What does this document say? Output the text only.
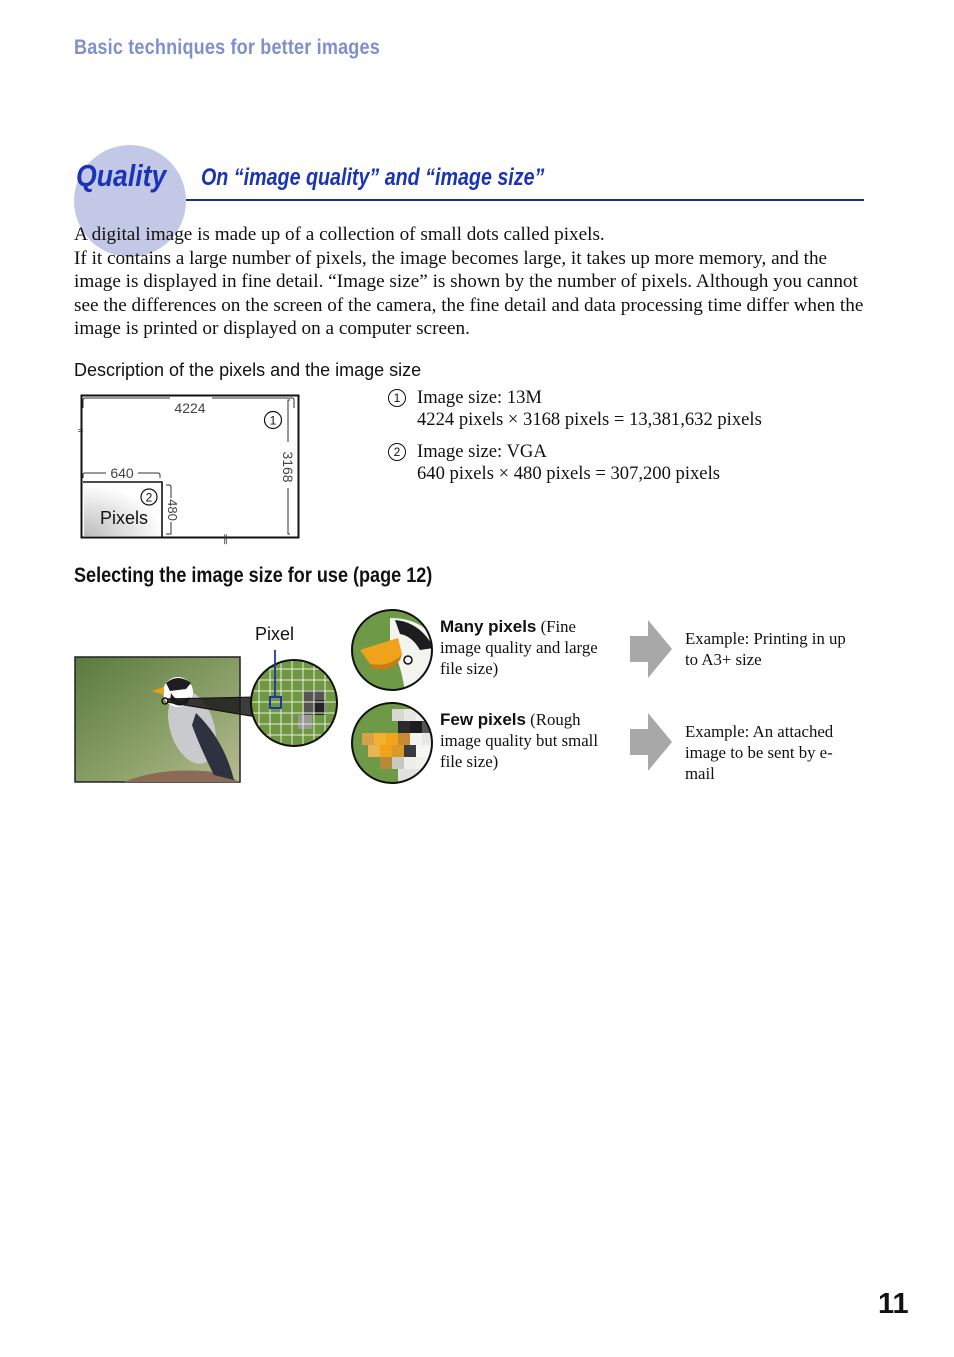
Basic techniques for better images
Quality On “image quality” and “image size”

A digital image is made up of a collection of small dots called pixels.

If it contains a large number of pixels, the image becomes large, it takes up more memory, and the image is displayed in fine detail. “Image size” is shown by the number of pixels. Although you cannot see the differences on the screen of the camera, the fine detail and data processing time differ when the image is printed or displayed on a computer screen.

Description of the pixels and the image size
4224
3168
640
480
1
2
Pixels
≈
∥
1 Image size: 13M
4224 pixels × 3168 pixels = 13,381,632 pixels
2 Image size: VGA
640 pixels × 480 pixels = 307,200 pixels
Selecting the image size for use (page 12)
Pixel	Many pixels (Fine image quality and large file size)
Example: Printing in up to A3+ size
Few pixels (Rough image quality but small file size)
Example: An attached image to be sent by e-mail
11
